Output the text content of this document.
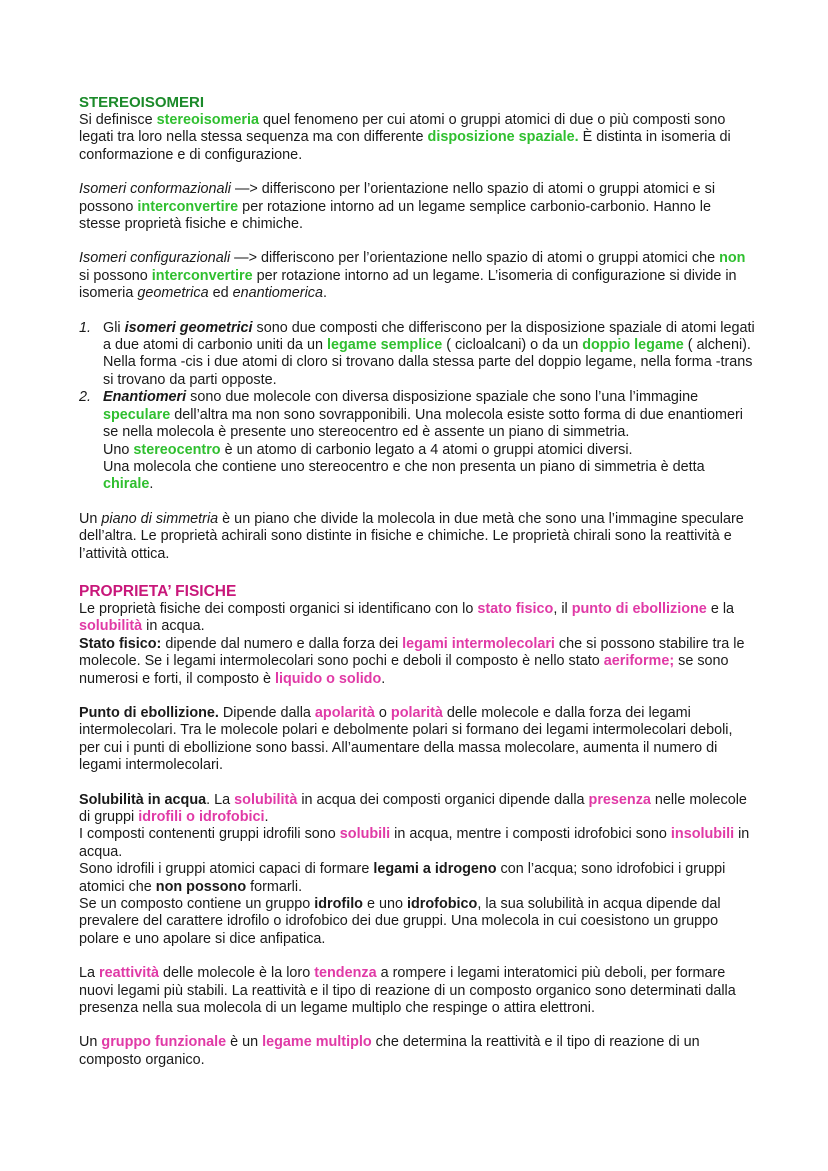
STEREOISOMERI

Si definisce stereoisomeria quel fenomeno per cui atomi o gruppi atomici di due o più composti sono legati tra loro nella stessa sequenza ma con differente disposizione spaziale. È distinta in isomeria di conformazione e di configurazione.

Isomeri conformazionali —> differiscono per l’orientazione nello spazio di atomi o gruppi atomici e si possono interconvertire per rotazione intorno ad un legame semplice carbonio-carbonio. Hanno le stesse proprietà fisiche e chimiche.

Isomeri configurazionali —> differiscono per l’orientazione nello spazio di atomi o gruppi atomici che non si possono interconvertire per rotazione intorno ad un legame. L’isomeria di configurazione si divide in isomeria geometrica ed enantiomerica.

1. Gli isomeri geometrici sono due composti che differiscono per la disposizione spaziale di atomi legati a due atomi di carbonio uniti da un legame semplice ( cicloalcani) o da un doppio legame ( alcheni). Nella forma -cis i due atomi di cloro si trovano dalla stessa parte del doppio legame, nella forma -trans si trovano da parti opposte.
2. Enantiomeri sono due molecole con diversa disposizione spaziale che sono l’una l’immagine speculare dell’altra ma non sono sovrapponibili. Una molecola esiste sotto forma di due enantiomeri se nella molecola è presente uno stereocentro ed è assente un piano di simmetria.
Uno stereocentro è un atomo di carbonio legato a 4 atomi o gruppi atomici diversi.
Una molecola che contiene uno stereocentro e che non presenta un piano di simmetria è detta chirale.

Un piano di simmetria è un piano che divide la molecola in due metà che sono una l’immagine speculare dell’altra. Le proprietà achirali sono distinte in fisiche e chimiche. Le proprietà chirali sono la reattività e l’attività ottica.

PROPRIETA’ FISICHE

Le proprietà fisiche dei composti organici si identificano con lo stato fisico, il punto di ebollizione e la solubilità in acqua.

Stato fisico: dipende dal numero e dalla forza dei legami intermolecolari che si possono stabilire tra le molecole. Se i legami intermolecolari sono pochi e deboli il composto è nello stato aeriforme; se sono numerosi e forti, il composto è liquido o solido.

Punto di ebollizione. Dipende dalla apolarità o polarità delle molecole e dalla forza dei legami intermolecolari. Tra le molecole polari e debolmente polari si formano dei legami intermolecolari deboli, per cui i punti di ebollizione sono bassi. All’aumentare della massa molecolare, aumenta il numero di legami intermolecolari.

Solubilità in acqua. La solubilità in acqua dei composti organici dipende dalla presenza nelle molecole di gruppi idrofili o idrofobici.

I composti contenenti gruppi idrofili sono solubili in acqua, mentre i composti idrofobici sono insolubili in acqua.

Sono idrofili i gruppi atomici capaci di formare legami a idrogeno con l’acqua; sono idrofobici i gruppi atomici che non possono formarli.

Se un composto contiene un gruppo idrofilo e uno idrofobico, la sua solubilità in acqua dipende dal prevalere del carattere idrofilo o idrofobico dei due gruppi. Una molecola in cui coesistono un gruppo polare e uno apolare si dice anfipatica.

La reattività delle molecole è la loro tendenza a rompere i legami interatomici più deboli, per formare nuovi legami più stabili. La reattività e il tipo di reazione di un composto organico sono determinati dalla presenza nella sua molecola di un legame multiplo che respinge o attira elettroni.

Un gruppo funzionale è un legame multiplo che determina la reattività e il tipo di reazione di un composto organico.
